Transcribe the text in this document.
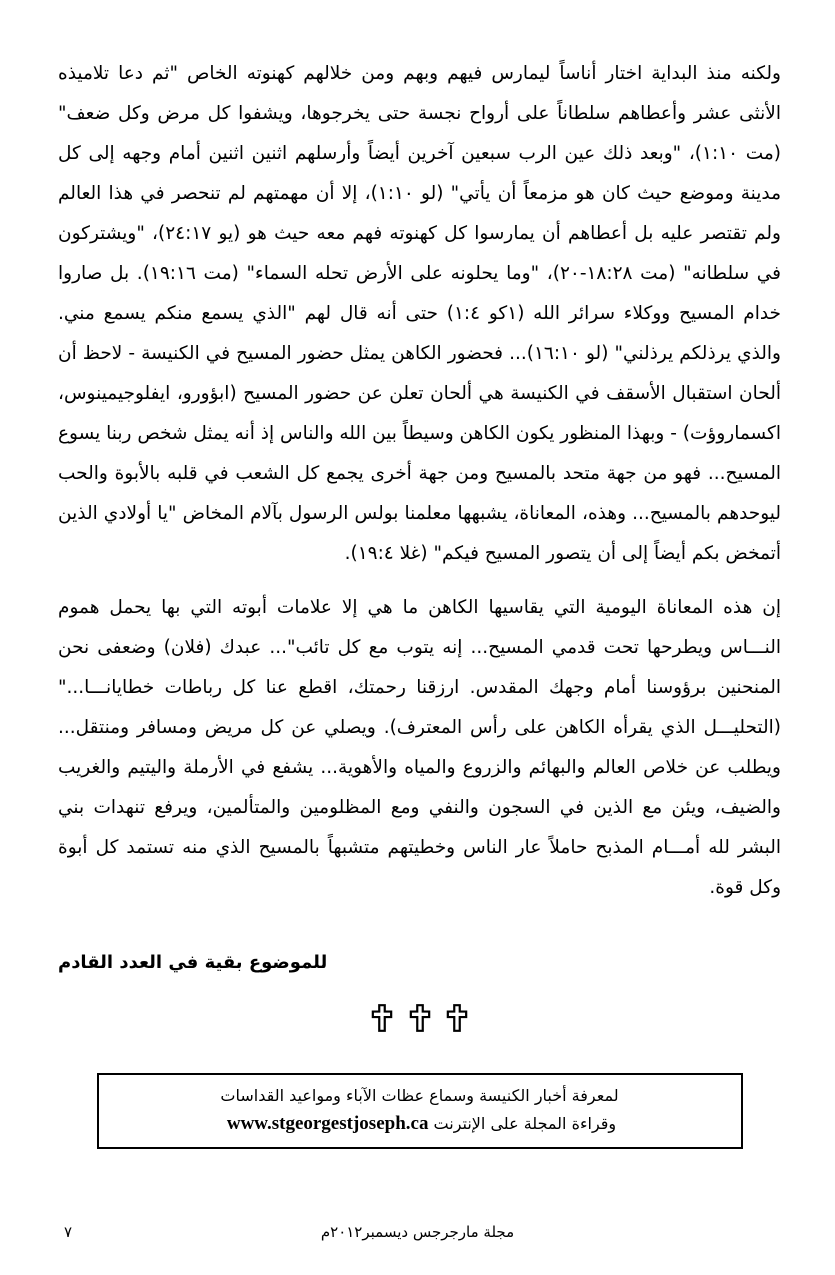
ولكنه منذ البداية اختار أناساً ليمارس فيهم وبهم ومن خلالهم كهنوته الخاص "ثم دعا تلاميذه الأنثى عشر وأعطاهم سلطاناً على أرواح نجسة حتى يخرجوها، ويشفوا كل مرض وكل ضعف" (مت ١:١٠)، "وبعد ذلك عين الرب سبعين آخرين أيضاً وأرسلهم اثنين اثنين أمام وجهه إلى كل مدينة وموضع حيث كان هو مزمعاً أن يأتي" (لو ١:١٠)، إلا أن مهمتهم لم تنحصر في هذا العالم ولم تقتصر عليه بل أعطاهم أن يمارسوا كل كهنوته فهم معه حيث هو (يو ٢٤:١٧)، "ويشتركون في سلطانه" (مت ١٨:٢٨-٢٠)، "وما يحلونه على الأرض تحله السماء" (مت ١٩:١٦). بل صاروا خدام المسيح ووكلاء سرائر الله (١كو ١:٤) حتى أنه قال لهم "الذي يسمع منكم يسمع مني. والذي يرذلكم يرذلني" (لو ١٦:١٠)... فحضور الكاهن يمثل حضور المسيح في الكنيسة - لاحظ أن ألحان استقبال الأسقف في الكنيسة هي ألحان تعلن عن حضور المسيح (ابؤورو، ايفلوجيمينوس، اكسماروؤت) - وبهذا المنظور يكون الكاهن وسيطاً بين الله والناس إذ أنه يمثل شخص ربنا يسوع المسيح... فهو من جهة متحد بالمسيح ومن جهة أخرى يجمع كل الشعب في قلبه بالأبوة والحب ليوحدهم بالمسيح... وهذه، المعاناة، يشبهها معلمنا بولس الرسول بآلام المخاض "يا أولادي الذين أتمخض بكم أيضاً إلى أن يتصور المسيح فيكم" (غلا ١٩:٤).

إن هذه المعاناة اليومية التي يقاسيها الكاهن ما هي إلا علامات أبوته التي بها يحمل هموم النـــاس ويطرحها تحت قدمي المسيح... إنه يتوب مع كل تائب"... عبدك (فلان) وضعفى نحن المنحنين برؤوسنا أمام وجهك المقدس. ارزقنا رحمتك، اقطع عنا كل رباطات خطايانـــا..." (التحليـــل الذي يقرأه الكاهن على رأس المعترف). ويصلي عن كل مريض ومسافر ومنتقل... ويطلب عن خلاص العالم والبهائم والزروع والمياه والأهوية... يشفع في الأرملة واليتيم والغريب والضيف، ويئن مع الذين في السجون والنفي ومع المظلومين والمتألمين، ويرفع تنهدات بني البشر لله أمـــام المذبح حاملاً عار الناس وخطيتهم متشبهاً بالمسيح الذي منه تستمد كل أبوة وكل قوة.

للموضوع بقية في العدد القادم

لمعرفة أخبار الكنيسة وسماع عظات الآباء ومواعيد القداسات
وقراءة المجلة على الإنترنت www.stgeorgestjoseph.ca
مجلة مارجرجس ديسمبر٢٠١٢م
٧
